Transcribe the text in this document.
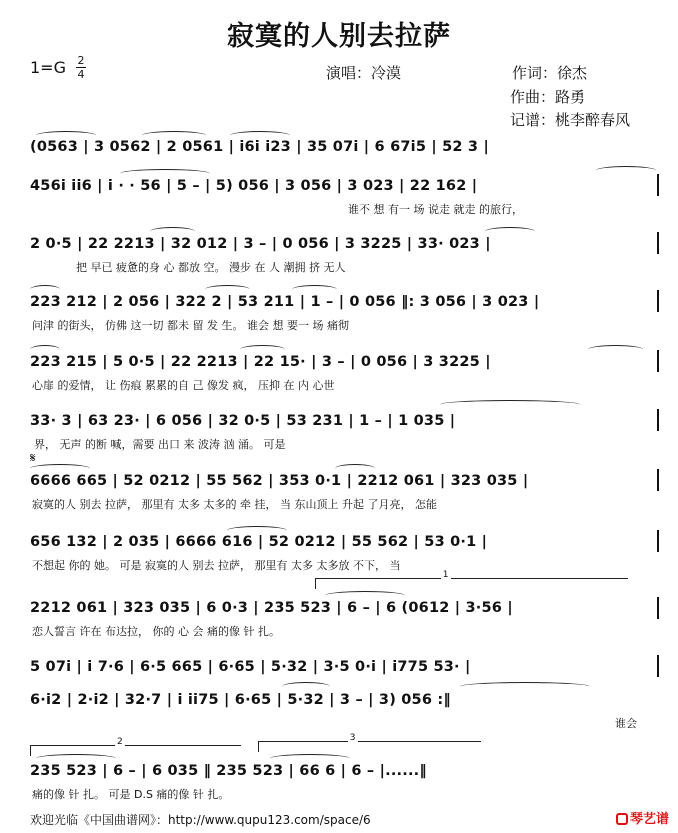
寂寞的人别去拉萨
1=G 2
4	演唱：冷漠	作词：徐杰
作曲：路勇
记谱：桃李醉春风
(0563 | 3 0562 | 2 0561 | i6i i23 | 35 07i | 6 67i5 | 52 3 |
456i ii6 | i · · 56 | 5 – | 5) 056 | 3 056 | 3 023 | 22 162 |
谁不 想 有一 场 说走 就走 的旅行，
2 0·5 | 22 2213 | 32 012 | 3 – | 0 056 | 3 3225 | 33· 023 |
把 早已 疲惫的身 心 都放 空。 漫步 在 人 潮拥 挤 无人
223 212 | 2 056 | 322 2 | 53 211 | 1 – | 0 056 ‖: 3 056 | 3 023 |
问津 的街头， 仿佛 这一切 都未 留 发 生。 谁会 想 要一 场 痛彻
223 215 | 5 0·5 | 22 2213 | 22 15· | 3 – | 0 056 | 3 3225 |
心扉 的爱情， 让 伤痕 累累的自 己 像发 疯， 压抑 在 内 心世
33· 3 | 63 23· | 6 056 | 32 0·5 | 53 231 | 1 – | 1 035 |
界， 无声 的断 喊，需要 出口 来 波涛 汹 涌。 可是
𝄋
6666 665 | 52 0212 | 55 562 | 353 0·1 | 2212 061 | 323 035 |
寂寞的人 别去 拉萨， 那里有 太多 太多的 牵 挂， 当 东山顶上 升起 了月亮， 怎能
656 132 | 2 035 | 6666 616 | 52 0212 | 55 562 | 53 0·1 |
不想起 你的 她。 可是 寂寞的人 别去 拉萨， 那里有 太多 太多放 不下， 当
1
2212 061 | 323 035 | 6 0·3 | 235 523 | 6 – | 6 (0612 | 3·56 |
恋人誓言 许在 布达拉， 你的 心 会 痛的像 针 扎。
5 07i | i 7·6 | 6·5 665 | 6·65 | 5·32 | 3·5 0·i | i775 53· |
6·i2 | 2·i2 | 32·7 | i ii75 | 6·65 | 5·32 | 3 – | 3) 056 :‖
谁会
2	3
235 523 | 6 – | 6 035 ‖ 235 523 | 66 6 | 6 – |......‖
痛的像 针 扎。 可是 D.S 痛的像 针 扎。
欢迎光临《中国曲谱网》：http://www.qupu123.com/space/6	琴艺谱
